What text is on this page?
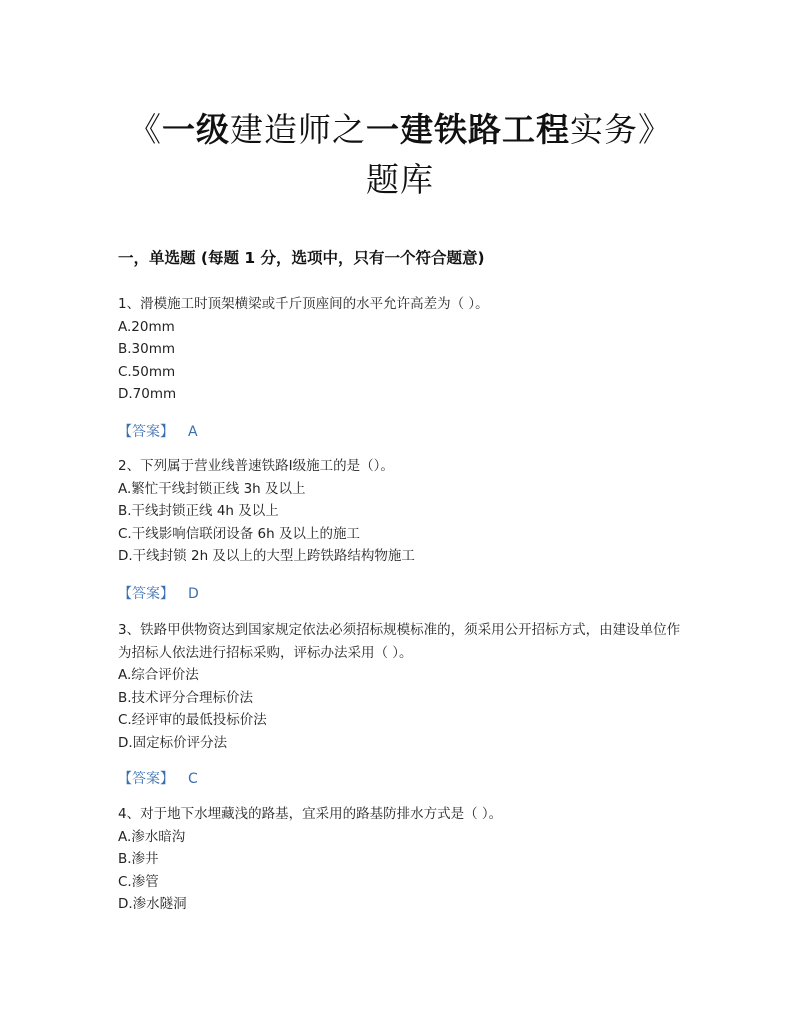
《一级建造师之一建铁路工程实务》
题库
一，单选题 (每题 1 分，选项中，只有一个符合题意)
1、滑模施工时顶架横梁或千斤顶座间的水平允许高差为（ ）。
A.20mm
B.30mm
C.50mm
D.70mm
【答案】 A
2、下列属于营业线普速铁路Ⅰ级施工的是（）。
A.繁忙干线封锁正线 3h 及以上
B.干线封锁正线 4h 及以上
C.干线影响信联闭设备 6h 及以上的施工
D.干线封锁 2h 及以上的大型上跨铁路结构物施工
【答案】 D
3、铁路甲供物资达到国家规定依法必须招标规模标准的，须采用公开招标方式，由建设单位作为招标人依法进行招标采购，评标办法采用（ ）。
A.综合评价法
B.技术评分合理标价法
C.经评审的最低投标价法
D.固定标价评分法
【答案】 C
4、对于地下水埋藏浅的路基，宜采用的路基防排水方式是（ ）。
A.渗水暗沟
B.渗井
C.渗管
D.渗水隧洞
